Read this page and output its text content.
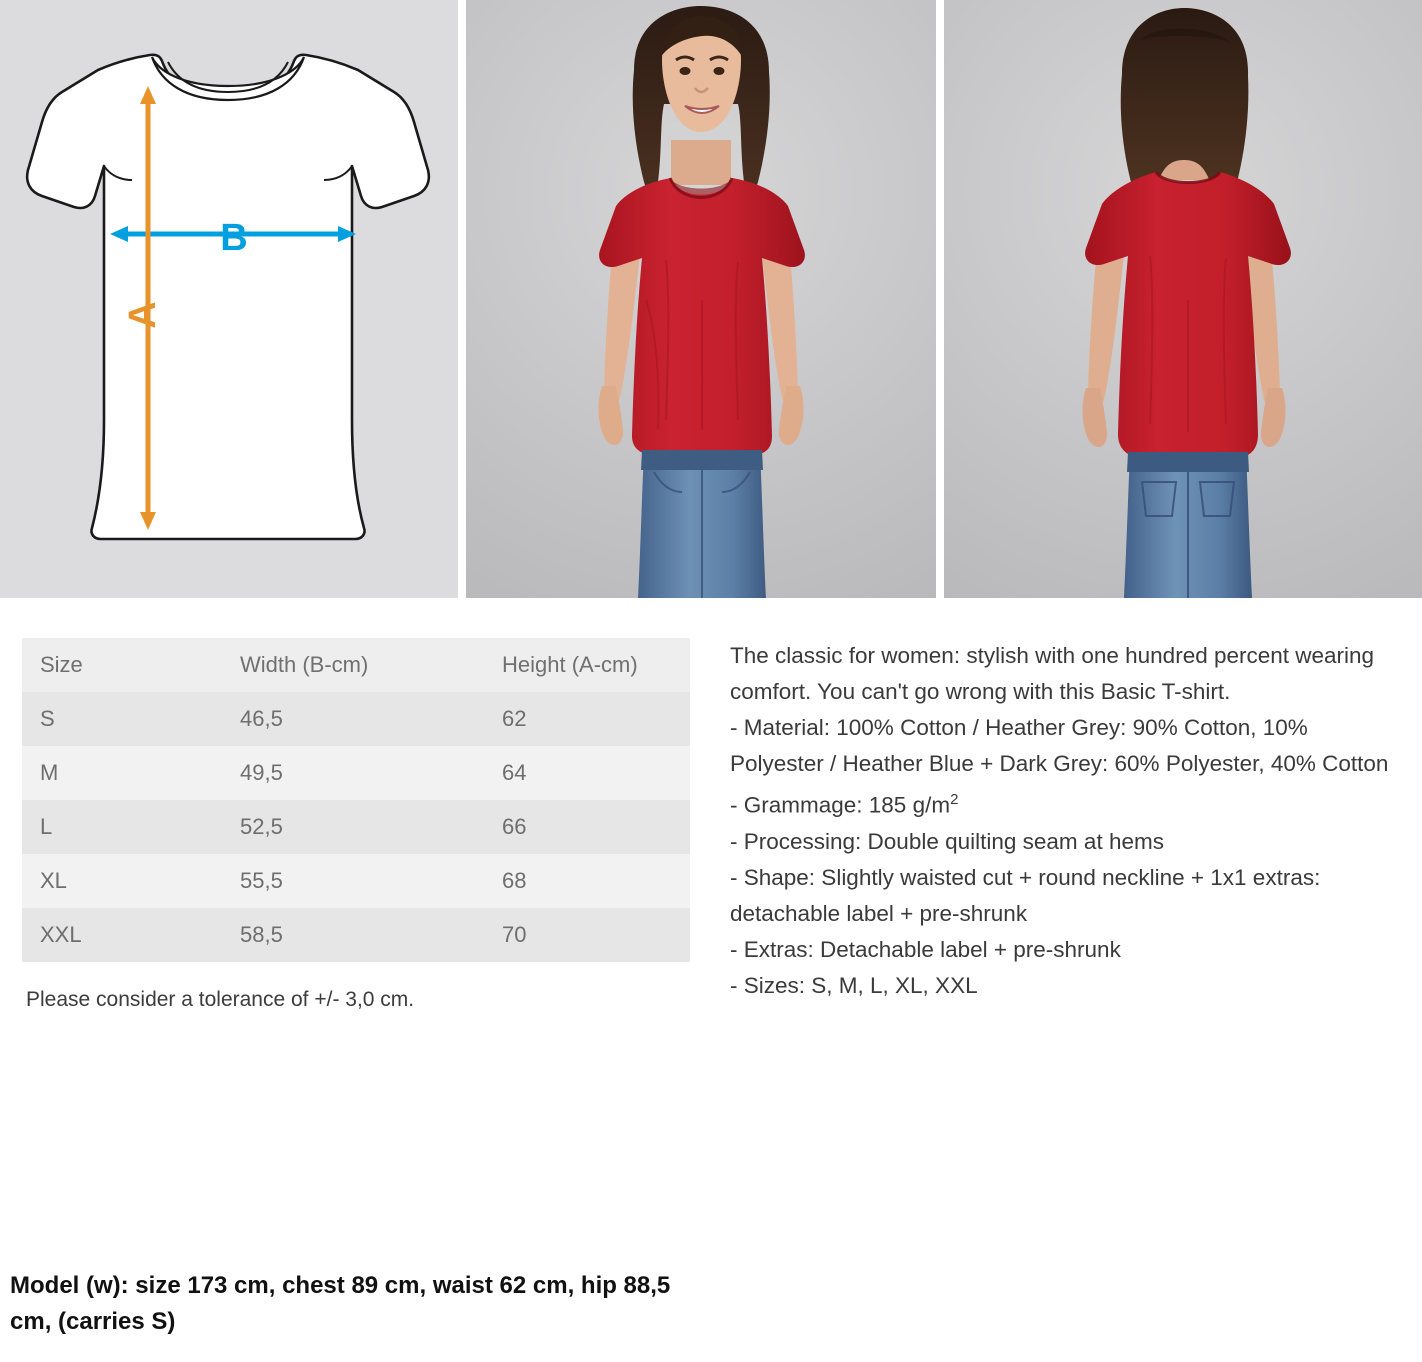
B
A
Size	Width (B-cm)	Height (A-cm)
S	46,5	62
M	49,5	64
L	52,5	66
XL	55,5	68
XXL	58,5	70
Please consider a tolerance of +/- 3,0 cm.

The classic for women: stylish with one hundred percent wearing comfort. You can't go wrong with this Basic T-shirt.

- Material: 100% Cotton / Heather Grey: 90% Cotton, 10% Polyester / Heather Blue + Dark Grey: 60% Polyester, 40% Cotton

- Grammage: 185 $g/m^2$

- Processing: Double quilting seam at hems

- Shape: Slightly waisted cut + round neckline + 1x1 extras: detachable label + pre-shrunk

- Extras: Detachable label + pre-shrunk

- Sizes: S, M, L, XL, XXL

Model (w): size 173 cm, chest 89 cm, waist 62 cm, hip 88,5 cm, (carries S)
